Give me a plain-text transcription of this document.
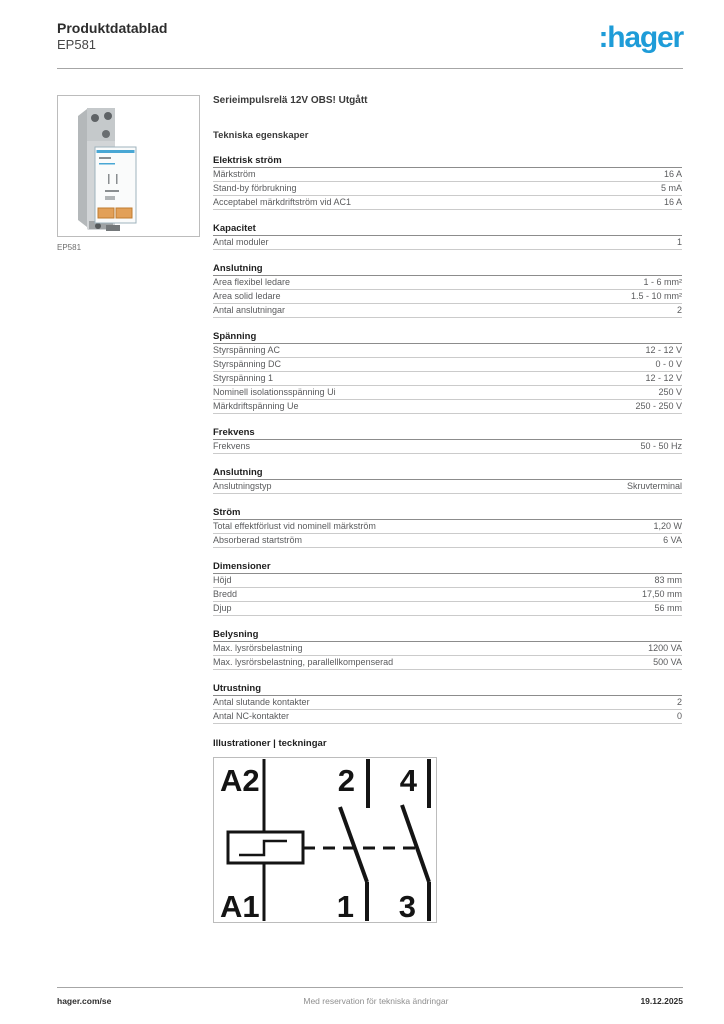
Produktdatablad
EP581	:hager
EP581
Serieimpulsrelä 12V OBS! Utgått
Tekniska egenskaper
Elektrisk ström
Märkström	16 A
Stand-by förbrukning	5 mA
Acceptabel märkdriftström vid AC1	16 A
Kapacitet
Antal moduler	1
Anslutning
Area flexibel ledare	1 - 6 mm²
Area solid ledare	1.5 - 10 mm²
Antal anslutningar	2
Spänning
Styrspänning AC	12 - 12 V
Styrspänning DC	0 - 0 V
Styrspänning 1	12 - 12 V
Nominell isolationsspänning Ui	250 V
Märkdriftspänning Ue	250 - 250 V
Frekvens
Frekvens	50 - 50 Hz
Anslutning
Anslutningstyp	Skruvterminal
Ström
Total effektförlust vid nominell märkström	1,20 W
Absorberad startström	6 VA
Dimensioner
Höjd	83 mm
Bredd	17,50 mm
Djup	56 mm
Belysning
Max. lysrörsbelastning	1200 VA
Max. lysrörsbelastning, parallellkompenserad	500 VA
Utrustning
Antal slutande kontakter	2
Antal NC-kontakter	0
Illustrationer | teckningar
A2
A1
2
1
4
3
hager.com/se	Med reservation för tekniska ändringar	19.12.2025
